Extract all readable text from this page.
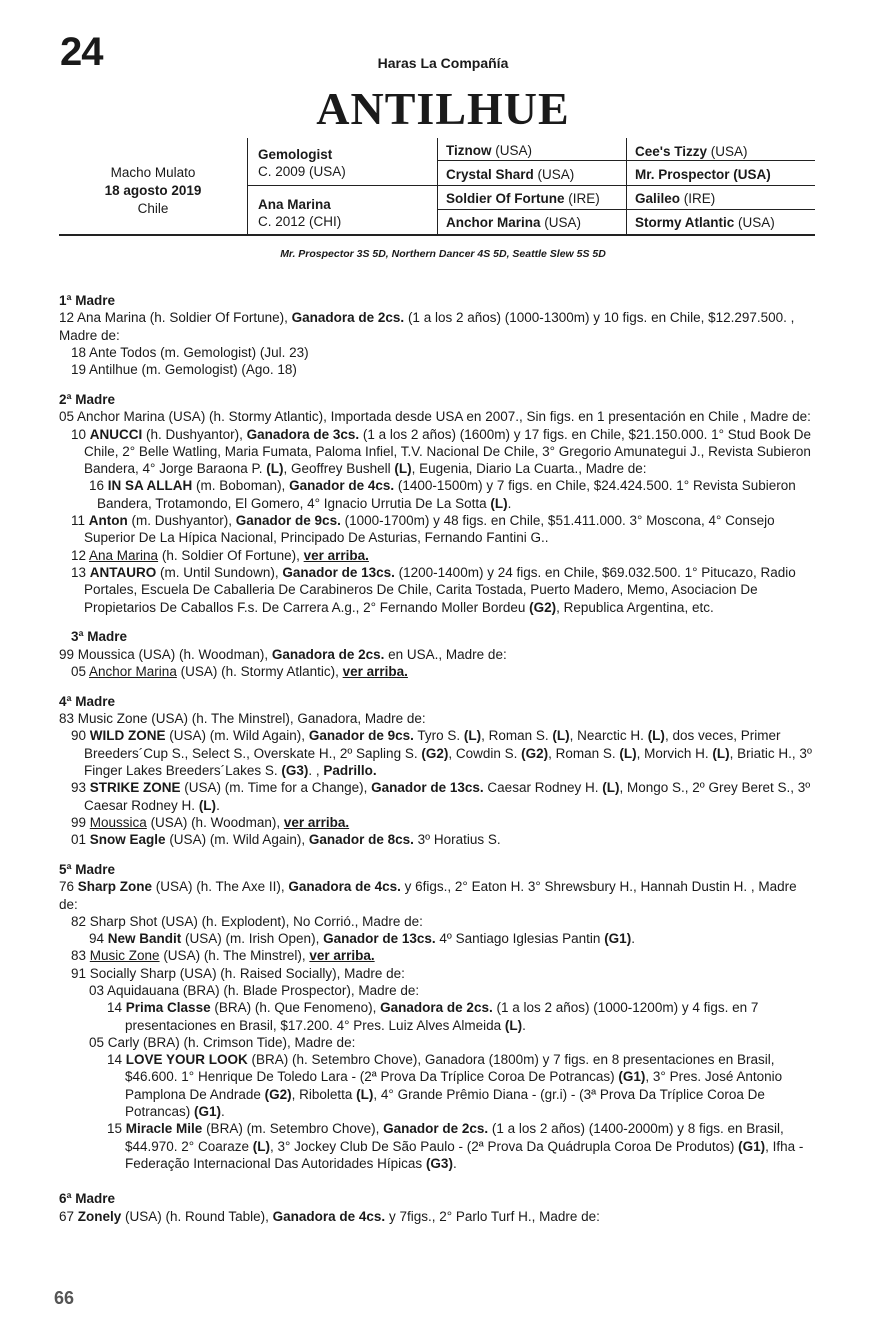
24	Haras La Compañía
ANTILHUE
Macho Mulato
18 agosto 2019
Chile
Gemologist
C. 2009 (USA)
Ana Marina
C. 2012 (CHI)
Tiznow (USA)
Crystal Shard (USA)
Soldier Of Fortune (IRE)
Anchor Marina (USA)
Cee's Tizzy (USA)
Mr. Prospector (USA)
Galileo (IRE)
Stormy Atlantic (USA)
Mr. Prospector 3S 5D, Northern Dancer 4S 5D, Seattle Slew 5S 5D
1ª Madre
12 Ana Marina (h. Soldier Of Fortune), Ganadora de 2cs. (1 a los 2 años) (1000-1300m) y 10 figs. en Chile, $12.297.500. , Madre de:
18 Ante Todos (m. Gemologist) (Jul. 23)
19 Antilhue (m. Gemologist) (Ago. 18)
2ª Madre
05 Anchor Marina (USA) (h. Stormy Atlantic), Importada desde USA en 2007., Sin figs. en 1 presentación en Chile , Madre de:
10 ANUCCI (h. Dushyantor), Ganadora de 3cs. (1 a los 2 años) (1600m) y 17 figs. en Chile, $21.150.000. 1° Stud Book De Chile, 2° Belle Watling, Maria Fumata, Paloma Infiel, T.V. Nacional De Chile, 3° Gregorio Amunategui J., Revista Subieron Bandera, 4° Jorge Baraona P. (L), Geoffrey Bushell (L), Eugenia, Diario La Cuarta., Madre de:
16 IN SA ALLAH (m. Boboman), Ganador de 4cs. (1400-1500m) y 7 figs. en Chile, $24.424.500. 1° Revista Subieron Bandera, Trotamondo, El Gomero, 4° Ignacio Urrutia De La Sotta (L).
11 Anton (m. Dushyantor), Ganador de 9cs. (1000-1700m) y 48 figs. en Chile, $51.411.000. 3° Moscona, 4° Consejo Superior De La Hípica Nacional, Principado De Asturias, Fernando Fantini G..
12 Ana Marina (h. Soldier Of Fortune), ver arriba.
13 ANTAURO (m. Until Sundown), Ganador de 13cs. (1200-1400m) y 24 figs. en Chile, $69.032.500. 1° Pitucazo, Radio Portales, Escuela De Caballeria De Carabineros De Chile, Carita Tostada, Puerto Madero, Memo, Asociacion De Propietarios De Caballos F.s. De Carrera A.g., 2° Fernando Moller Bordeu (G2), Republica Argentina, etc.
3ª Madre
99 Moussica (USA) (h. Woodman), Ganadora de 2cs. en USA., Madre de:
05 Anchor Marina (USA) (h. Stormy Atlantic), ver arriba.
4ª Madre
83 Music Zone (USA) (h. The Minstrel), Ganadora, Madre de:
90 WILD ZONE (USA) (m. Wild Again), Ganador de 9cs. Tyro S. (L), Roman S. (L), Nearctic H. (L), dos veces, Primer Breeders´Cup S., Select S., Overskate H., 2º Sapling S. (G2), Cowdin S. (G2), Roman S. (L), Morvich H. (L), Briatic H., 3º Finger Lakes Breeders´Lakes S. (G3). , Padrillo.
93 STRIKE ZONE (USA) (m. Time for a Change), Ganador de 13cs. Caesar Rodney H. (L), Mongo S., 2º Grey Beret S., 3º Caesar Rodney H. (L).
99 Moussica (USA) (h. Woodman), ver arriba.
01 Snow Eagle (USA) (m. Wild Again), Ganador de 8cs. 3º Horatius S.
5ª Madre
76 Sharp Zone (USA) (h. The Axe II), Ganadora de 4cs. y 6figs., 2° Eaton H. 3° Shrewsbury H., Hannah Dustin H. , Madre de:
82 Sharp Shot (USA) (h. Explodent), No Corrió., Madre de:
94 New Bandit (USA) (m. Irish Open), Ganador de 13cs. 4º Santiago Iglesias Pantin (G1).
83 Music Zone (USA) (h. The Minstrel), ver arriba.
91 Socially Sharp (USA) (h. Raised Socially), Madre de:
03 Aquidauana (BRA) (h. Blade Prospector), Madre de:
14 Prima Classe (BRA) (h. Que Fenomeno), Ganadora de 2cs. (1 a los 2 años) (1000-1200m) y 4 figs. en 7 presentaciones en Brasil, $17.200. 4° Pres. Luiz Alves Almeida (L).
05 Carly (BRA) (h. Crimson Tide), Madre de:
14 LOVE YOUR LOOK (BRA) (h. Setembro Chove), Ganadora (1800m) y 7 figs. en 8 presentaciones en Brasil, $46.600. 1° Henrique De Toledo Lara - (2ª Prova Da Tríplice Coroa De Potrancas) (G1), 3° Pres. José Antonio Pamplona De Andrade (G2), Riboletta (L), 4° Grande Prêmio Diana - (gr.i) - (3ª Prova Da Tríplice Coroa De Potrancas) (G1).
15 Miracle Mile (BRA) (m. Setembro Chove), Ganador de 2cs. (1 a los 2 años) (1400-2000m) y 8 figs. en Brasil, $44.970. 2° Coaraze (L), 3° Jockey Club De São Paulo - (2ª Prova Da Quádrupla Coroa De Produtos) (G1), Ifha - Federação Internacional Das Autoridades Hípicas (G3).
6ª Madre
67 Zonely (USA) (h. Round Table), Ganadora de 4cs. y 7figs., 2° Parlo Turf H., Madre de:
66
